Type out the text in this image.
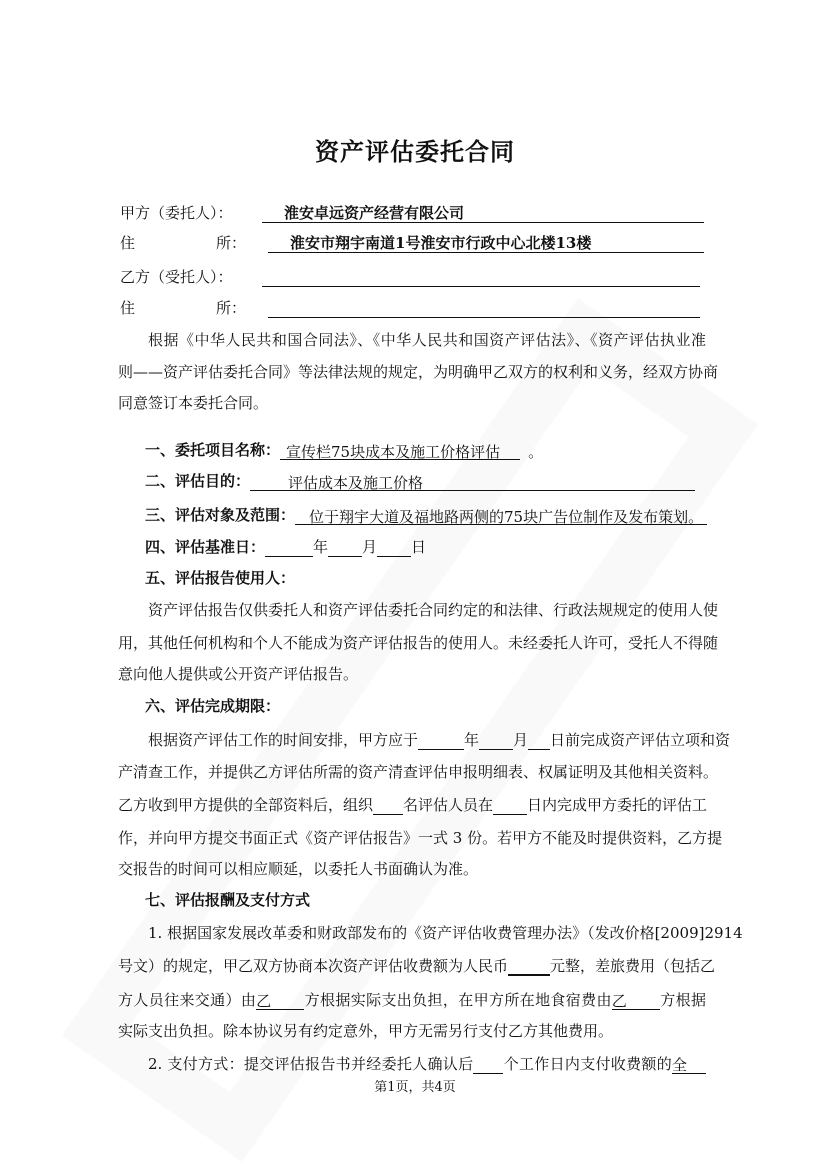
资产评估委托合同
甲方（委托人）：	淮安卓远资产经营有限公司
住	所：	淮安市翔宇南道1号淮安市行政中心北楼13楼
乙方（受托人）：
住	所：
根据《中华人民共和国合同法》、《中华人民共和国资产评估法》、《资产评估执业准
则——资产评估委托合同》等法律法规的规定，为明确甲乙双方的权利和义务，经双方协商
同意签订本委托合同。
一、委托项目名称： 宣传栏75块成本及施工价格评估 。
二、评估目的：	评估成本及施工价格
三、评估对象及范围： 位于翔宇大道及福地路两侧的75块广告位制作及发布策划。
四、评估基准日：	年 月 日
五、评估报告使用人：
资产评估报告仅供委托人和资产评估委托合同约定的和法律、行政法规规定的使用人使
用，其他任何机构和个人不能成为资产评估报告的使用人。未经委托人许可，受托人不得随
意向他人提供或公开资产评估报告。
六、评估完成期限：
根据资产评估工作的时间安排，甲方应于	年 月 日前完成资产评估立项和资
产清查工作，并提供乙方评估所需的资产清查评估申报明细表、权属证明及其他相关资料。
乙方收到甲方提供的全部资料后，组织 名评估人员在 日内完成甲方委托的评估工
作，并向甲方提交书面正式《资产评估报告》一式 3 份。若甲方不能及时提供资料，乙方提
交报告的时间可以相应顺延，以委托人书面确认为准。
七、评估报酬及支付方式
1. 根据国家发展改革委和财政部发布的《资产评估收费管理办法》（发改价格[2009]2914
号文）的规定，甲乙双方协商本次资产评估收费额为人民币	元整，差旅费用（包括乙
方人员往来交通）由乙 方根据实际支出负担，在甲方所在地食宿费由乙 方根据
实际支出负担。除本协议另有约定意外，甲方无需另行支付乙方其他费用。
2. 支付方式：提交评估报告书并经委托人确认后 个工作日内支付收费额的全
第1页，共4页
